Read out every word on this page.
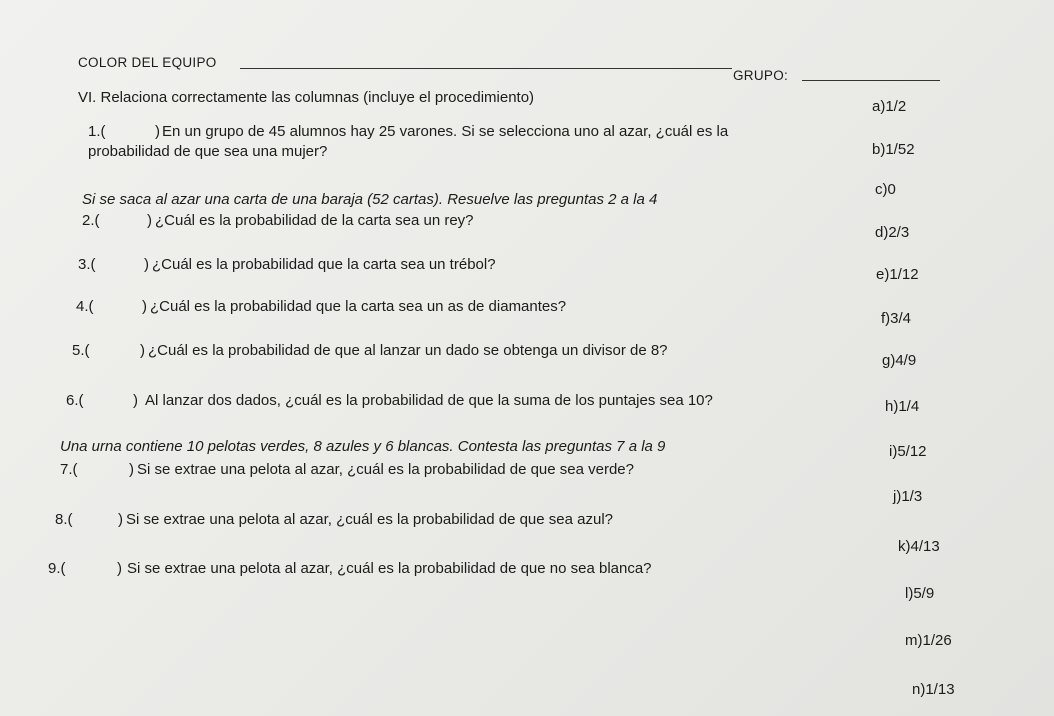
COLOR DEL EQUIPO
GRUPO:
VI. Relaciona correctamente las columnas (incluye el procedimiento)
1.(	) En un grupo de 45 alumnos hay 25 varones. Si se selecciona uno al azar, ¿cuál es la
probabilidad de que sea una mujer?
Si se saca al azar una carta de una baraja (52 cartas). Resuelve las preguntas 2 a la 4
2.(	) ¿Cuál es la probabilidad de la carta sea un rey?
3.(	) ¿Cuál es la probabilidad que la carta sea un trébol?
4.(	) ¿Cuál es la probabilidad que la carta sea un as de diamantes?
5.(	) ¿Cuál es la probabilidad de que al lanzar un dado se obtenga un divisor de 8?
6.(	) Al lanzar dos dados, ¿cuál es la probabilidad de que la suma de los puntajes sea 10?
Una urna contiene 10 pelotas verdes, 8 azules y 6 blancas. Contesta las preguntas 7 a la 9
7.(	) Si se extrae una pelota al azar, ¿cuál es la probabilidad de que sea verde?
8.(	) Si se extrae una pelota al azar, ¿cuál es la probabilidad de que sea azul?
9.(	) Si se extrae una pelota al azar, ¿cuál es la probabilidad de que no sea blanca?
a)1/2
b)1/52
c)0
d)2/3
e)1/12
f)3/4
g)4/9
h)1/4
i)5/12
j)1/3
k)4/13
l)5/9
m)1/26
n)1/13
